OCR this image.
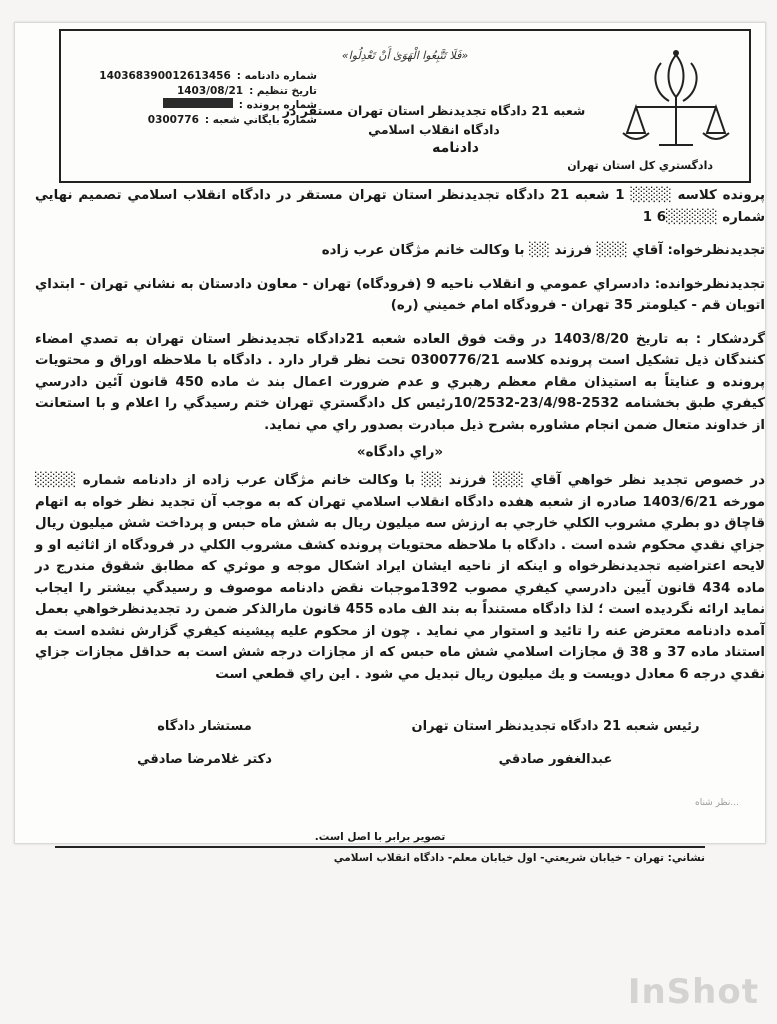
«فَلَا تَتَّبِعُوا الْهَوَىٰ أَنْ تَعْدِلُوا»
دادگستري كل استان تهران
شعبه 21 دادگاه تجديدنظر استان تهران مستقر در دادگاه انقلاب اسلامي
دادنامه
شماره دادنامه :
140368390012613456
تاريخ تنظيم :
1403/08/21
شماره پرونده :
شماره بايگاني شعبه :
0300776

پرونده كلاسه ░░░░ 1 شعبه 21 دادگاه تجديدنظر استان تهران مستقر در دادگاه انقلاب اسلامي تصميم نهايي شماره ░░░░░6 1

تجديدنظرخواه: آقاي ░░░ فرزند ░░ با وكالت خانم مژگان عرب زاده

تجديدنظرخوانده: دادسراي عمومي و انقلاب ناحيه 9 (فرودگاه) تهران - معاون دادستان به نشاني تهران - ابتداي اتوبان قم - كيلومتر 35 تهران - فرودگاه امام خميني (ره)

گردشكار : به تاريخ 1403/8/20 در وقت فوق العاده شعبه 21دادگاه تجديدنظر استان تهران به تصدي امضاء كنندگان ذيل تشكيل است پرونده كلاسه 0300776/21 تحت نظر قرار دارد . دادگاه با ملاحظه اوراق و محتويات پرونده و عنايتاً به استيذان مقام معظم رهبري و عدم ضرورت اعمال بند ث ماده 450 قانون آئين دادرسي كيفري طبق بخشنامه 2532-23/4/98-10/2532رئيس كل دادگستري تهران ختم رسيدگي را اعلام و با استعانت از خداوند متعال ضمن انجام مشاوره بشرح ذيل مبادرت بصدور راي مي نمايد.

«راي دادگاه»

در خصوص تجديد نظر خواهي آقاي ░░░ فرزند ░░ با وكالت خانم مژگان عرب زاده از دادنامه شماره ░░░░ مورخه 1403/6/21 صادره از شعبه هفده دادگاه انقلاب اسلامي تهران كه به موجب آن تجديد نظر خواه به اتهام قاچاق دو بطري مشروب الكلي خارجي به ارزش سه ميليون ريال به شش ماه حبس و پرداخت شش ميليون ريال جزاي نقدي محكوم شده است . دادگاه با ملاحظه محتويات پرونده كشف مشروب الكلي در فرودگاه از اثاثيه او و لايحه اعتراضيه تجديدنظرخواه و اينكه از ناحيه ايشان ايراد اشكال موجه و موثري كه مطابق شقوق مندرج در ماده 434 قانون آيين دادرسي كيفري مصوب 1392موجبات نقض دادنامه موصوف و رسيدگي بيشتر را ايجاب نمايد ارائه نگرديده است ؛ لذا دادگاه مستنداً به بند الف ماده 455 قانون مارالذكر ضمن رد تجديدنظرخواهي بعمل آمده دادنامه معترض عنه را تائيد و استوار مي نمايد . چون از محكوم عليه پيشينه كيفري گزارش نشده است به استناد ماده 37 و 38 ق مجازات اسلامي شش ماه حبس كه از مجازات درجه شش است به حداقل مجازات جزاي نقدي درجه 6 معادل دويست و يك ميليون ريال تبديل مي شود . اين راي قطعي است

رئيس شعبه 21 دادگاه تجديدنظر استان تهران
مستشار دادگاه
عبدالغفور صادقي
دكتر غلامرضا صادقي
...نظر شناه
تصوير برابر با اصل است.
نشاني: تهران - خيابان شريعتي- اول خيابان معلم- دادگاه انقلاب اسلامي
InShot
